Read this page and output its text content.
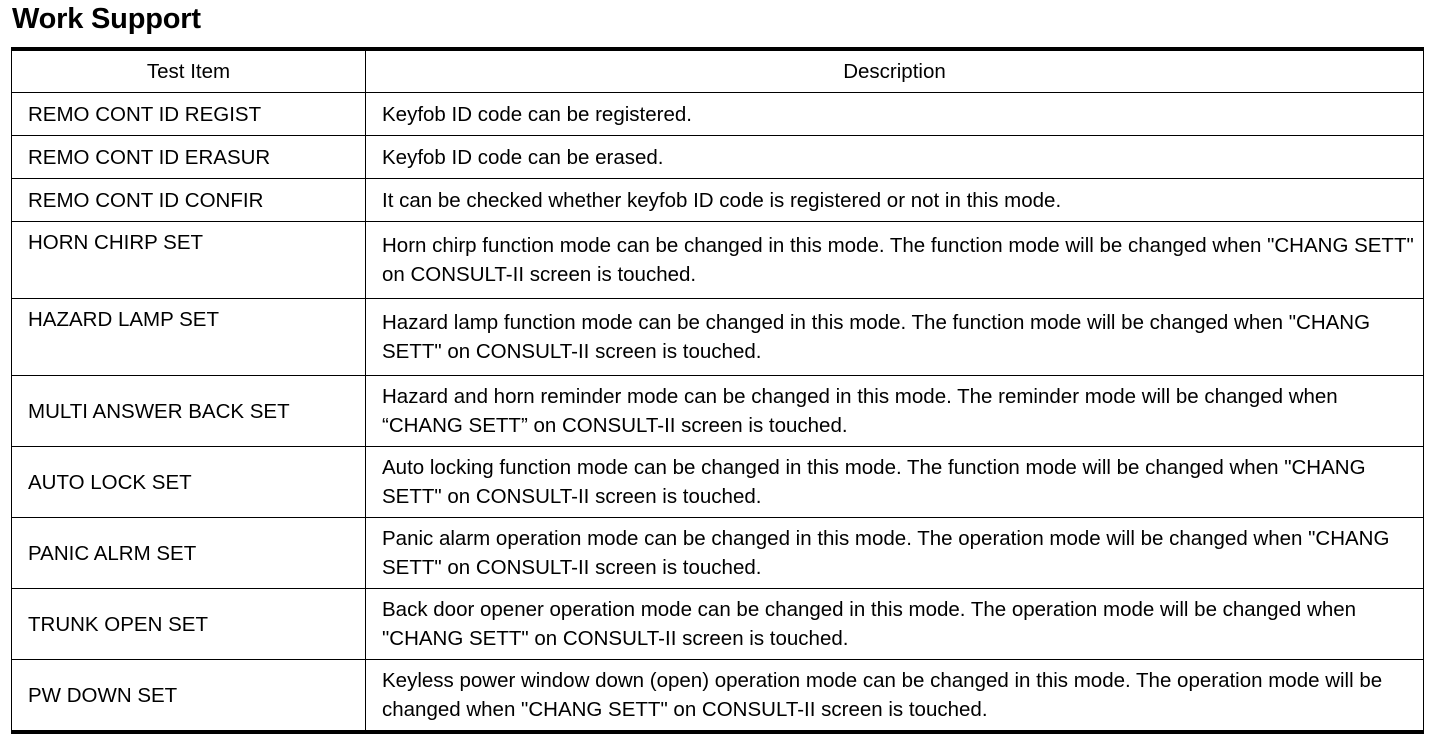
Work Support
Test Item	Description
REMO CONT ID REGIST	Keyfob ID code can be registered.
REMO CONT ID ERASUR	Keyfob ID code can be erased.
REMO CONT ID CONFIR	It can be checked whether keyfob ID code is registered or not in this mode.
HORN CHIRP SET	Horn chirp function mode can be changed in this mode. The function mode will be changed when "CHANG SETT" on CONSULT-II screen is touched.
HAZARD LAMP SET	Hazard lamp function mode can be changed in this mode. The function mode will be changed when "CHANG SETT" on CONSULT-II screen is touched.
MULTI ANSWER BACK SET	Hazard and horn reminder mode can be changed in this mode. The reminder mode will be changed when “CHANG SETT” on CONSULT-II screen is touched.
AUTO LOCK SET	Auto locking function mode can be changed in this mode. The function mode will be changed when "CHANG SETT" on CONSULT-II screen is touched.
PANIC ALRM SET	Panic alarm operation mode can be changed in this mode. The operation mode will be changed when "CHANG SETT" on CONSULT-II screen is touched.
TRUNK OPEN SET	Back door opener operation mode can be changed in this mode. The operation mode will be changed when "CHANG SETT" on CONSULT-II screen is touched.
PW DOWN SET	Keyless power window down (open) operation mode can be changed in this mode. The operation mode will be changed when "CHANG SETT" on CONSULT-II screen is touched.
